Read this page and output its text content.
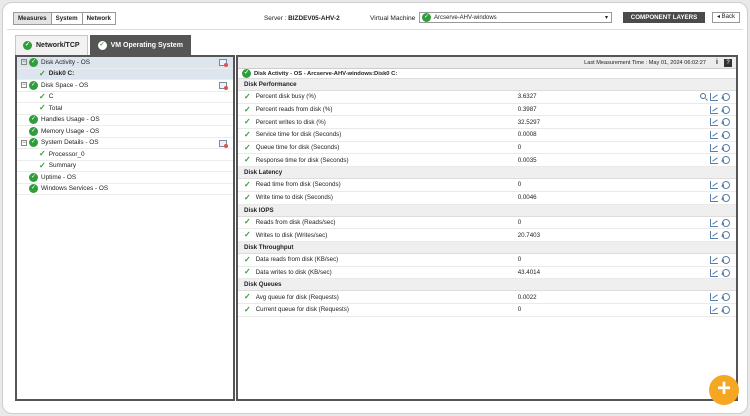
Measures	System	Network	Server : BIZDEV05-AHV-2	Virtual Machine	✓ Arcserve-AHV-windows	▾	COMPONENT LAYERS	◂ Back
✓ Network/TCP	✓ VM Operating System
− ✓ Disk Activity - OS
✓ Disk0 C:
− ✓ Disk Space - OS
✓ C
✓ Total
✓ Handles Usage - OS
✓ Memory Usage - OS
− ✓ System Details - OS
✓ Processor_0
✓ Summary
✓ Uptime - OS
✓ Windows Services - OS
Last Measurement Time : May 01, 2024 06:02:27 i	?
✓ Disk Activity - OS - Arcserve-AHV-windows:Disk0 C:
Disk Performance
✓ Percent disk busy (%)	3.6327
✓ Percent reads from disk (%)	0.3987
✓ Percent writes to disk (%)	32.5297
✓ Service time for disk (Seconds)	0.0008
✓ Queue time for disk (Seconds)	0
✓ Response time for disk (Seconds)	0.0035
Disk Latency
✓ Read time from disk (Seconds)	0
✓ Write time to disk (Seconds)	0.0046
Disk IOPS
✓ Reads from disk (Reads/sec)	0
✓ Writes to disk (Writes/sec)	20.7403
Disk Throughput
✓ Data reads from disk (KB/sec)	0
✓ Data writes to disk (KB/sec)	43.4014
Disk Queues
✓ Avg queue for disk (Requests)	0.0022
✓ Current queue for disk (Requests)	0
+
